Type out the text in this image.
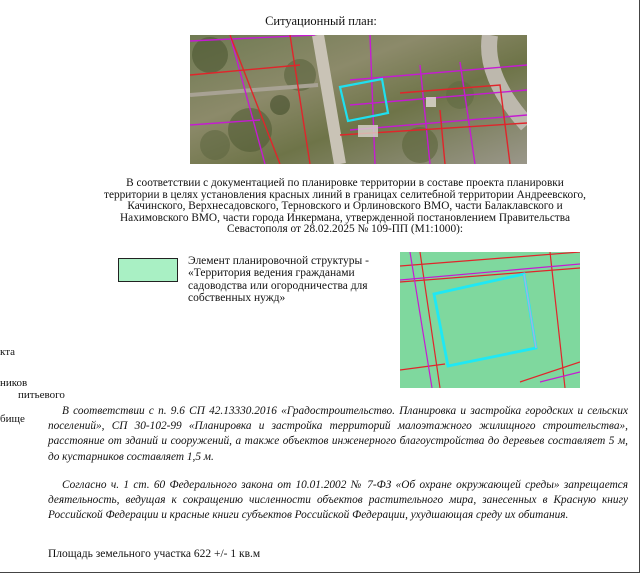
Ситуационный план:
В соответствии с документацией по планировке территории в составе проекта планировки территории в целях установления красных линий в границах селитебной территории Андреевского, Качинского, Верхнесадовского, Терновского и Орлиновского ВМО, части Балаклавского и Нахимовского ВМО, части города Инкермана, утвержденной постановлением Правительства Севастополя от 28.02.2025 № 109-ПП (М1:1000):
Элемент планировочной структуры - «Территория ведения гражданами садоводства или огородничества для собственных нужд»
кта
ников
питьевого
бище
В соответствии с п. 9.6 СП 42.13330.2016 «Градостроительство. Планировка и застройка городских и сельских поселений», СП 30-102-99 «Планировка и застройка территорий малоэтажного жилищного строительства», расстояние от зданий и сооружений, а также объектов инженерного благоустройства до деревьев составляет 5 м, до кустарников составляет 1,5 м.
Согласно ч. 1 ст. 60 Федерального закона от 10.01.2002 № 7-ФЗ «Об охране окружающей среды» запрещается деятельность, ведущая к сокращению численности объектов растительного мира, занесенных в Красную книгу Российской Федерации и красные книги субъектов Российской Федерации, ухудшающая среду их обитания.
Площадь земельного участка 622 +/- 1 кв.м
